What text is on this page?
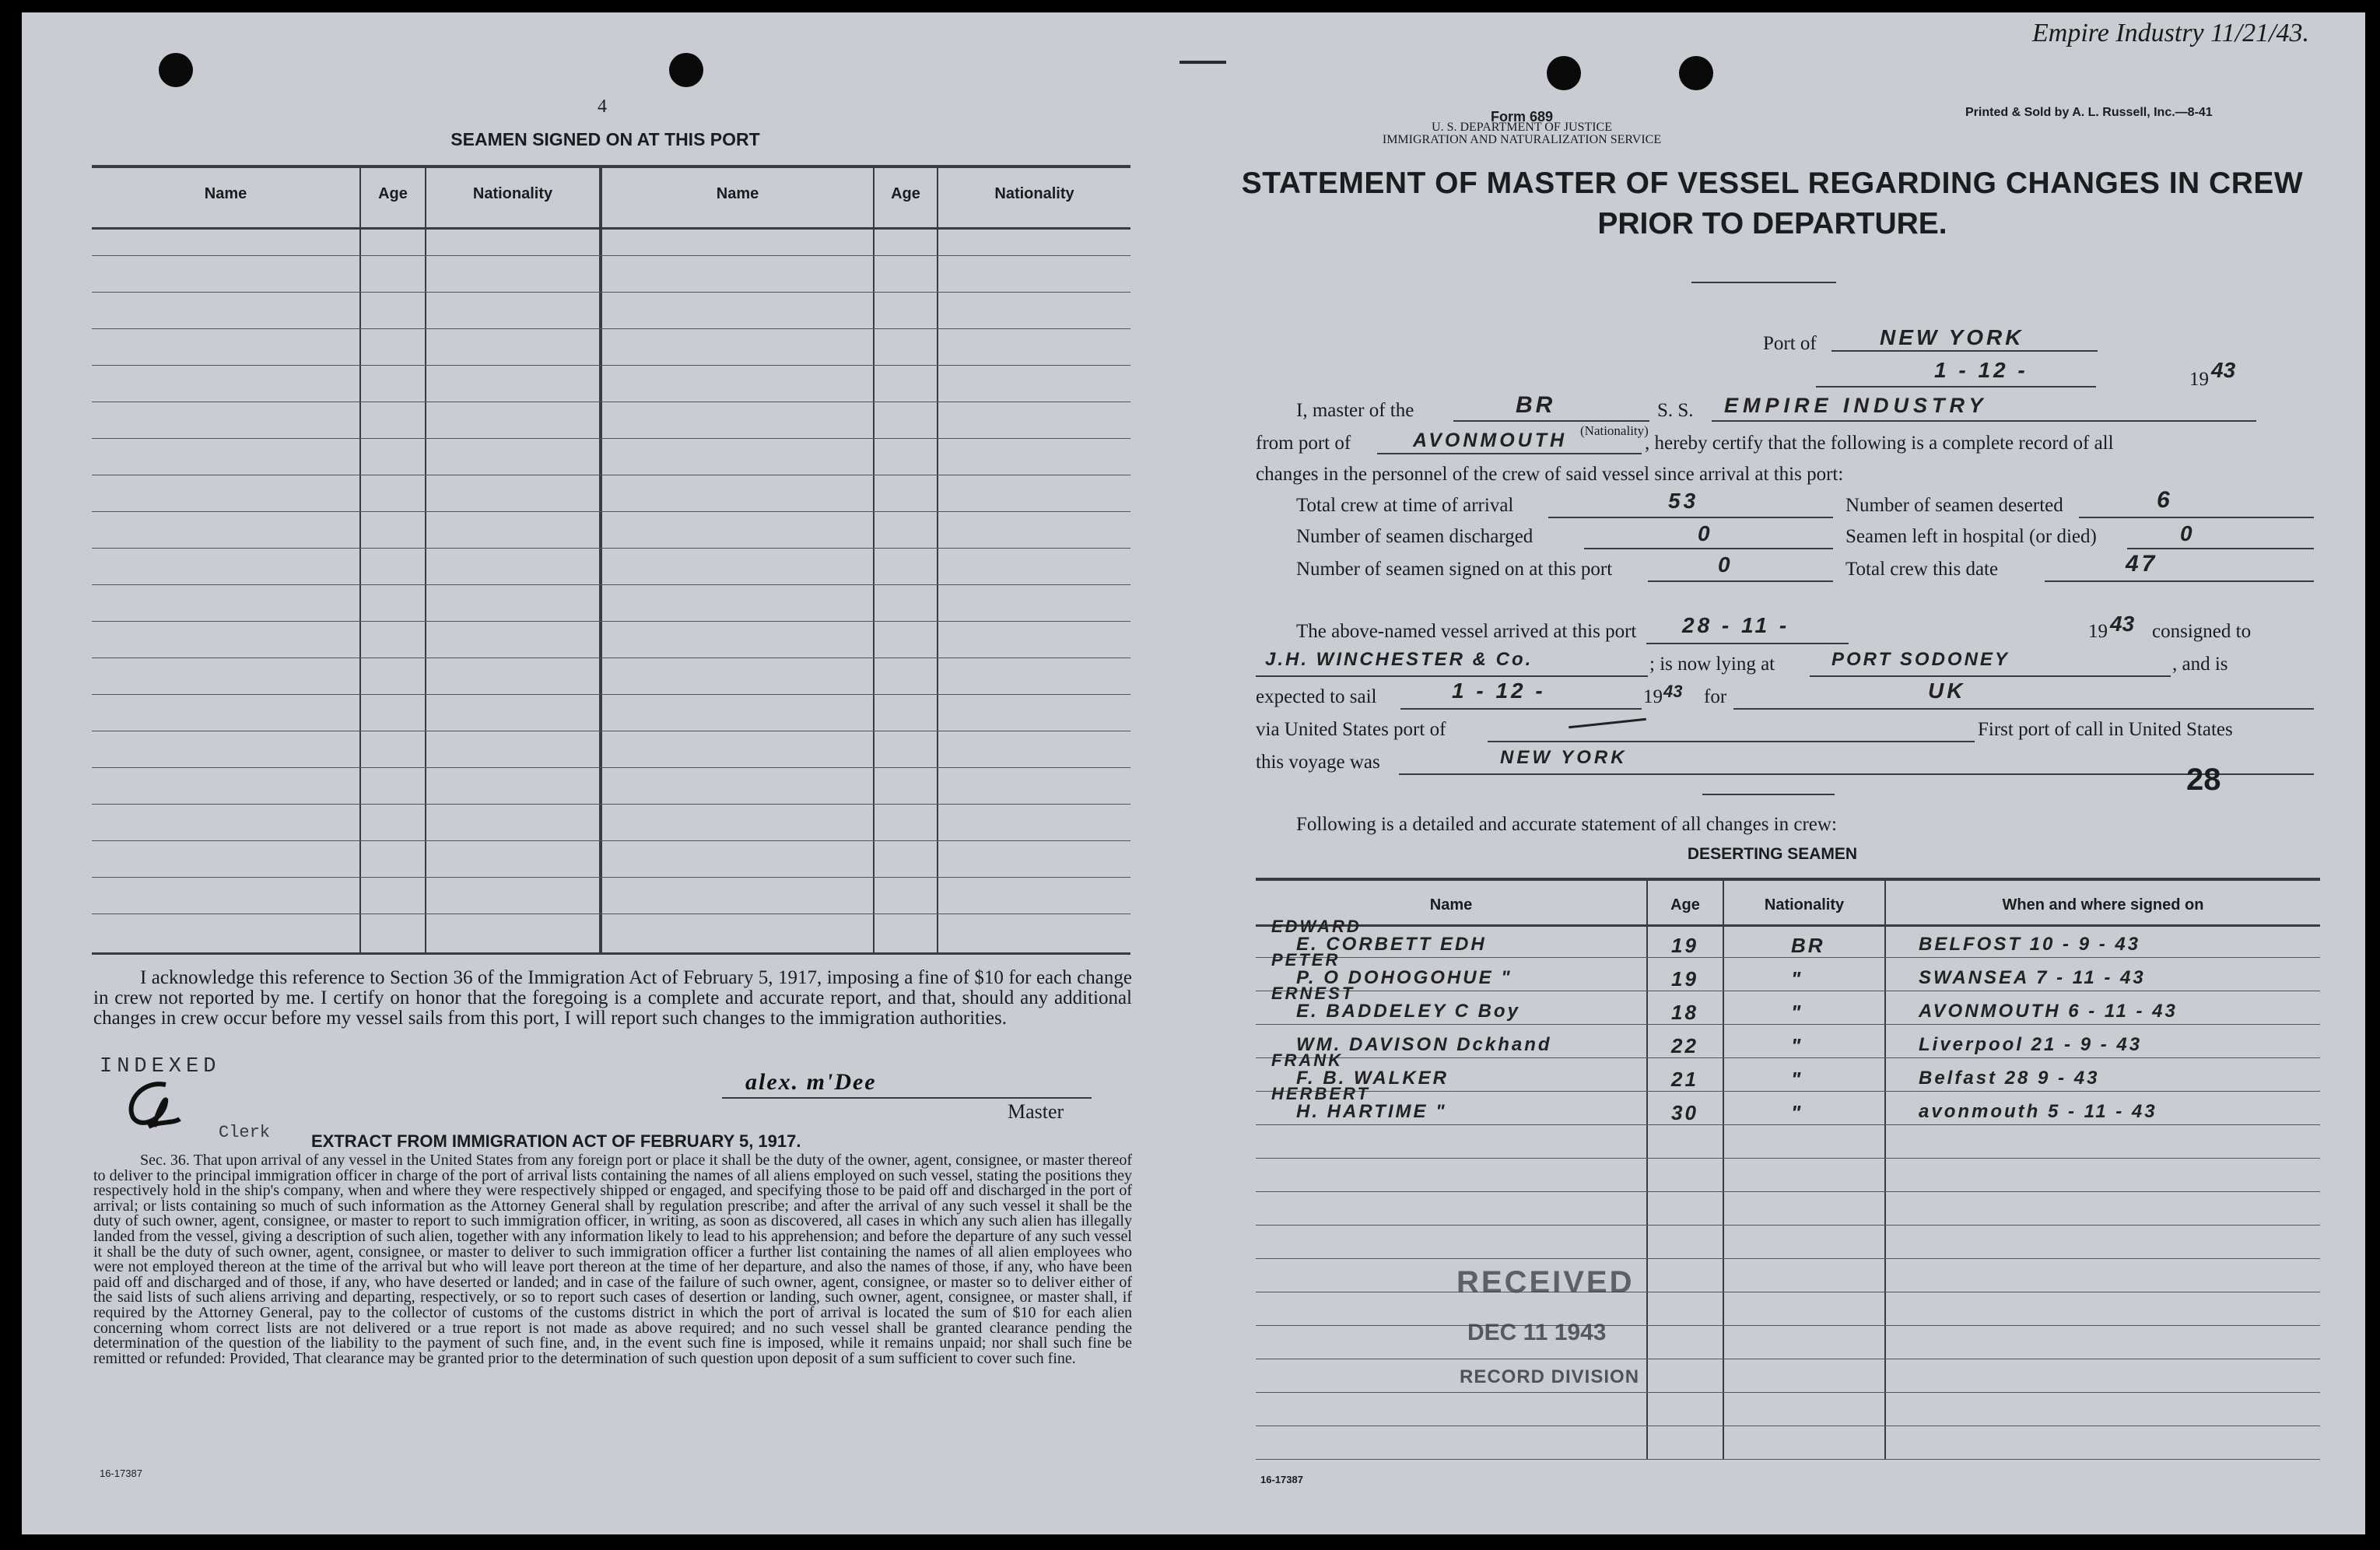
4
SEAMEN SIGNED ON AT THIS PORT
Name	Age	Nationality	Name	Age	Nationality
I acknowledge this reference to Section 36 of the Immigration Act of February 5, 1917, imposing a fine of $10 for each change in crew not reported by me. I certify on honor that the foregoing is a complete and accurate report, and that, should any additional changes in crew occur before my vessel sails from this port, I will report such changes to the immigration authorities.
INDEXED
Clerk
alex. m'Dee
Master
EXTRACT FROM IMMIGRATION ACT OF FEBRUARY 5, 1917.
Sec. 36. That upon arrival of any vessel in the United States from any foreign port or place it shall be the duty of the owner, agent, consignee, or master thereof to deliver to the principal immigration officer in charge of the port of arrival lists containing the names of all aliens employed on such vessel, stating the positions they respectively hold in the ship's company, when and where they were respectively shipped or engaged, and specifying those to be paid off and discharged in the port of arrival; or lists containing so much of such information as the Attorney General shall by regulation prescribe; and after the arrival of any such vessel it shall be the duty of such owner, agent, consignee, or master to report to such immigration officer, in writing, as soon as discovered, all cases in which any such alien has illegally landed from the vessel, giving a description of such alien, together with any information likely to lead to his apprehension; and before the departure of any such vessel it shall be the duty of such owner, agent, consignee, or master to deliver to such immigration officer a further list containing the names of all alien employees who were not employed thereon at the time of the arrival but who will leave port thereon at the time of her departure, and also the names of those, if any, who have been paid off and discharged and of those, if any, who have deserted or landed; and in case of the failure of such owner, agent, consignee, or master so to deliver either of the said lists of such aliens arriving and departing, respectively, or so to report such cases of desertion or landing, such owner, agent, consignee, or master shall, if required by the Attorney General, pay to the collector of customs of the customs district in which the port of arrival is located the sum of $10 for each alien concerning whom correct lists are not delivered or a true report is not made as above required; and no such vessel shall be granted clearance pending the determination of the question of the liability to the payment of such fine, and, in the event such fine is imposed, while it remains unpaid; nor shall such fine be remitted or refunded: Provided, That clearance may be granted prior to the determination of such question upon deposit of a sum sufficient to cover such fine.
16-17387
Empire Industry 11/21/43.
Form 689
U. S. DEPARTMENT OF JUSTICE
IMMIGRATION AND NATURALIZATION SERVICE
Printed & Sold by A. L. Russell, Inc.—8-41
STATEMENT OF MASTER OF VESSEL REGARDING CHANGES IN CREW
PRIOR TO DEPARTURE.
Port of	NEW YORK
1 - 12 -	19 43
I, master of the	BR
(Nationality)
S. S. EMPIRE INDUSTRY
from port of	AVONMOUTH	, hereby certify that the following is a complete record of all
changes in the personnel of the crew of said vessel since arrival at this port:
Total crew at time of arrival	53	Number of seamen deserted	6
Number of seamen discharged	0	Seamen left in hospital (or died)	0
Number of seamen signed on at this port	0	Total crew this date	47
The above-named vessel arrived at this port 28 - 11 -	19 43 consigned to
J.H. WINCHESTER & Co.	; is now lying at	PORT SODONEY	, and is
expected to sail	1 - 12 -	19 43 for	UK
via United States port of	First port of call in United States
this voyage was	NEW YORK
28
Following is a detailed and accurate statement of all changes in crew:
DESERTING SEAMEN
Name	Age	Nationality	When and where signed on
EDWARD
E. CORBETT EDH	19	BR	BELFOST 10 - 9 - 43
PETER
P. O DOHOGOHUE "	19	"	SWANSEA 7 - 11 - 43
ERNEST
E. BADDELEY C Boy	18	"	AVONMOUTH 6 - 11 - 43
WM. DAVISON Dckhand	22	"	Liverpool 21 - 9 - 43
FRANK
F. B. WALKER	21	"	Belfast 28 9 - 43
HERBERT
H. HARTIME "	30	"	avonmouth 5 - 11 - 43
RECEIVED
DEC 11 1943
RECORD DIVISION
16-17387
